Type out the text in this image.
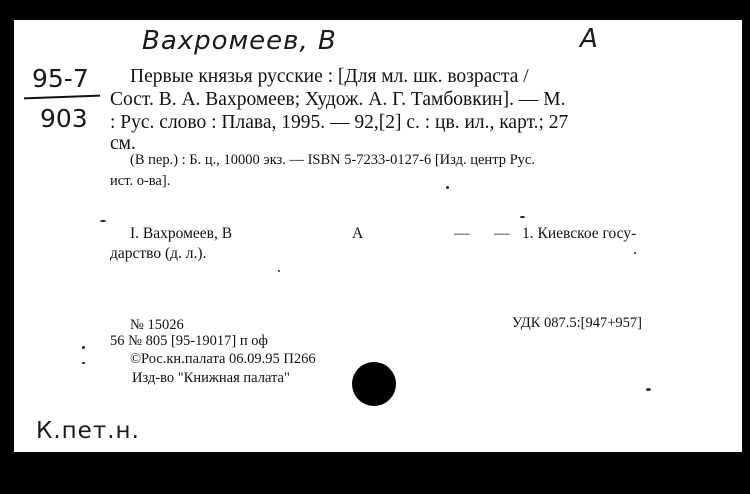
Вахромеев, В	А
95-7
903
Первые князья русские : [Для мл. шк. возраста /
Сост. В. А. Вахромеев; Худож. А. Г. Тамбовкин]. — М.
: Рус. слово : Плава, 1995. — 92,[2] с. : цв. ил., карт.; 27
см.
(В пер.) : Б. ц., 10000 экз. — ISBN 5-7233-0127-6 [Изд. центр Рус.
ист. о-ва].
I. Вахромеев, В	А	— — 1. Киевское госу-
дарство (д. л.).
№ 15026	УДК 087.5:[947+957]
56 № 805 [95-19017] п оф
©Рос.кн.палата 06.09.95 П266
Изд-во "Книжная палата"
К.пет.н.
